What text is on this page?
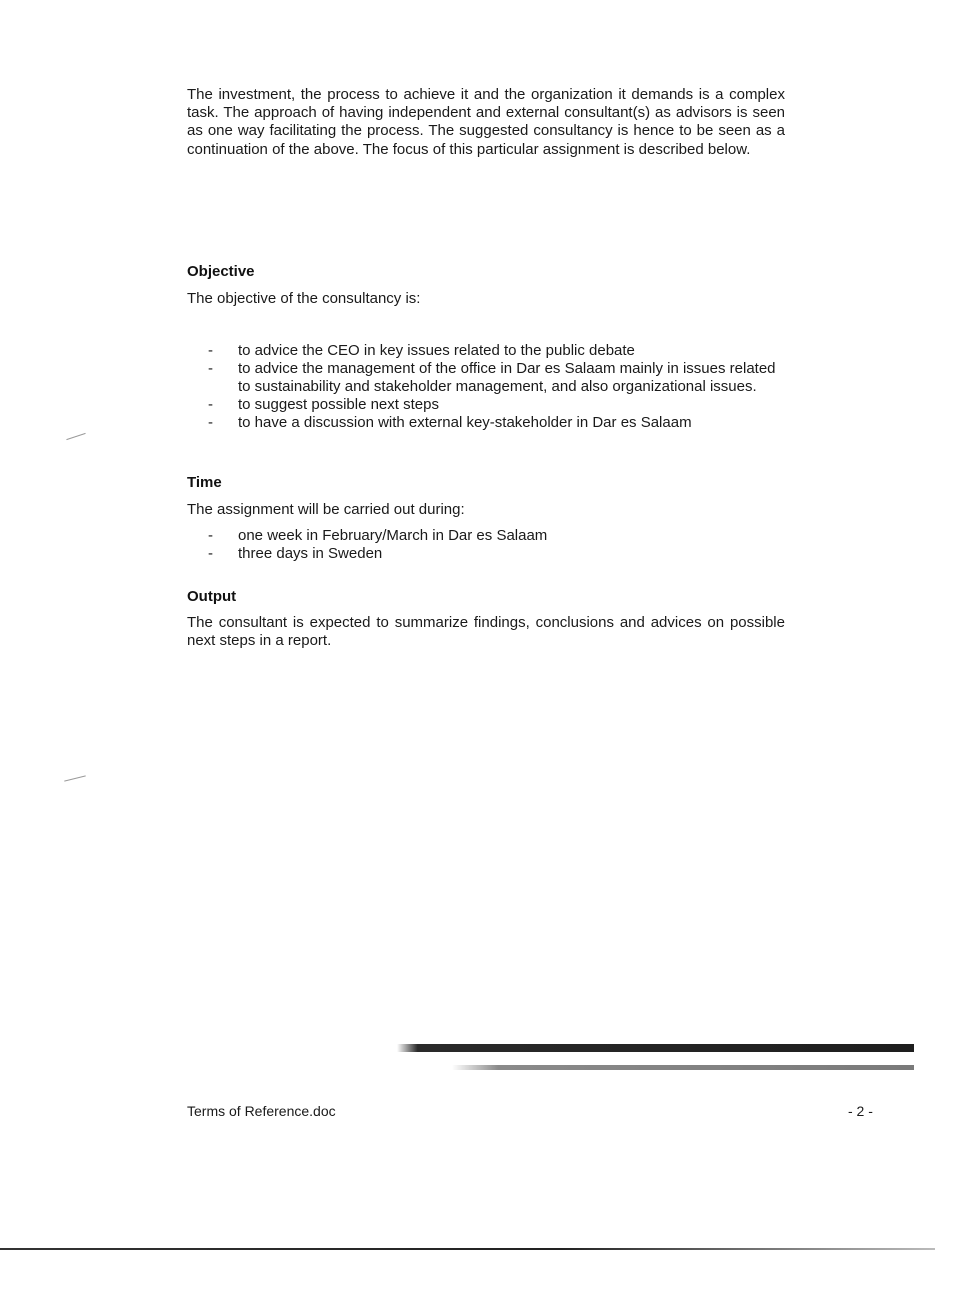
The investment, the process to achieve it and the organization it demands is a complex task. The approach of having independent and external consultant(s) as advisors is seen as one way facilitating the process. The suggested consultancy is hence to be seen as a continuation of the above. The focus of this particular assignment is described below.

Objective

The objective of the consultancy is:

- to advice the CEO in key issues related to the public debate
- to advice the management of the office in Dar es Salaam mainly in issues related to sustainability and stakeholder management, and also organizational issues.
- to suggest possible next steps
- to have a discussion with external key-stakeholder in Dar es Salaam
Time

The assignment will be carried out during:

- one week in February/March in Dar es Salaam
- three days in Sweden
Output

The consultant is expected to summarize findings, conclusions and advices on possible next steps in a report.

Terms of Reference.doc	- 2 -
